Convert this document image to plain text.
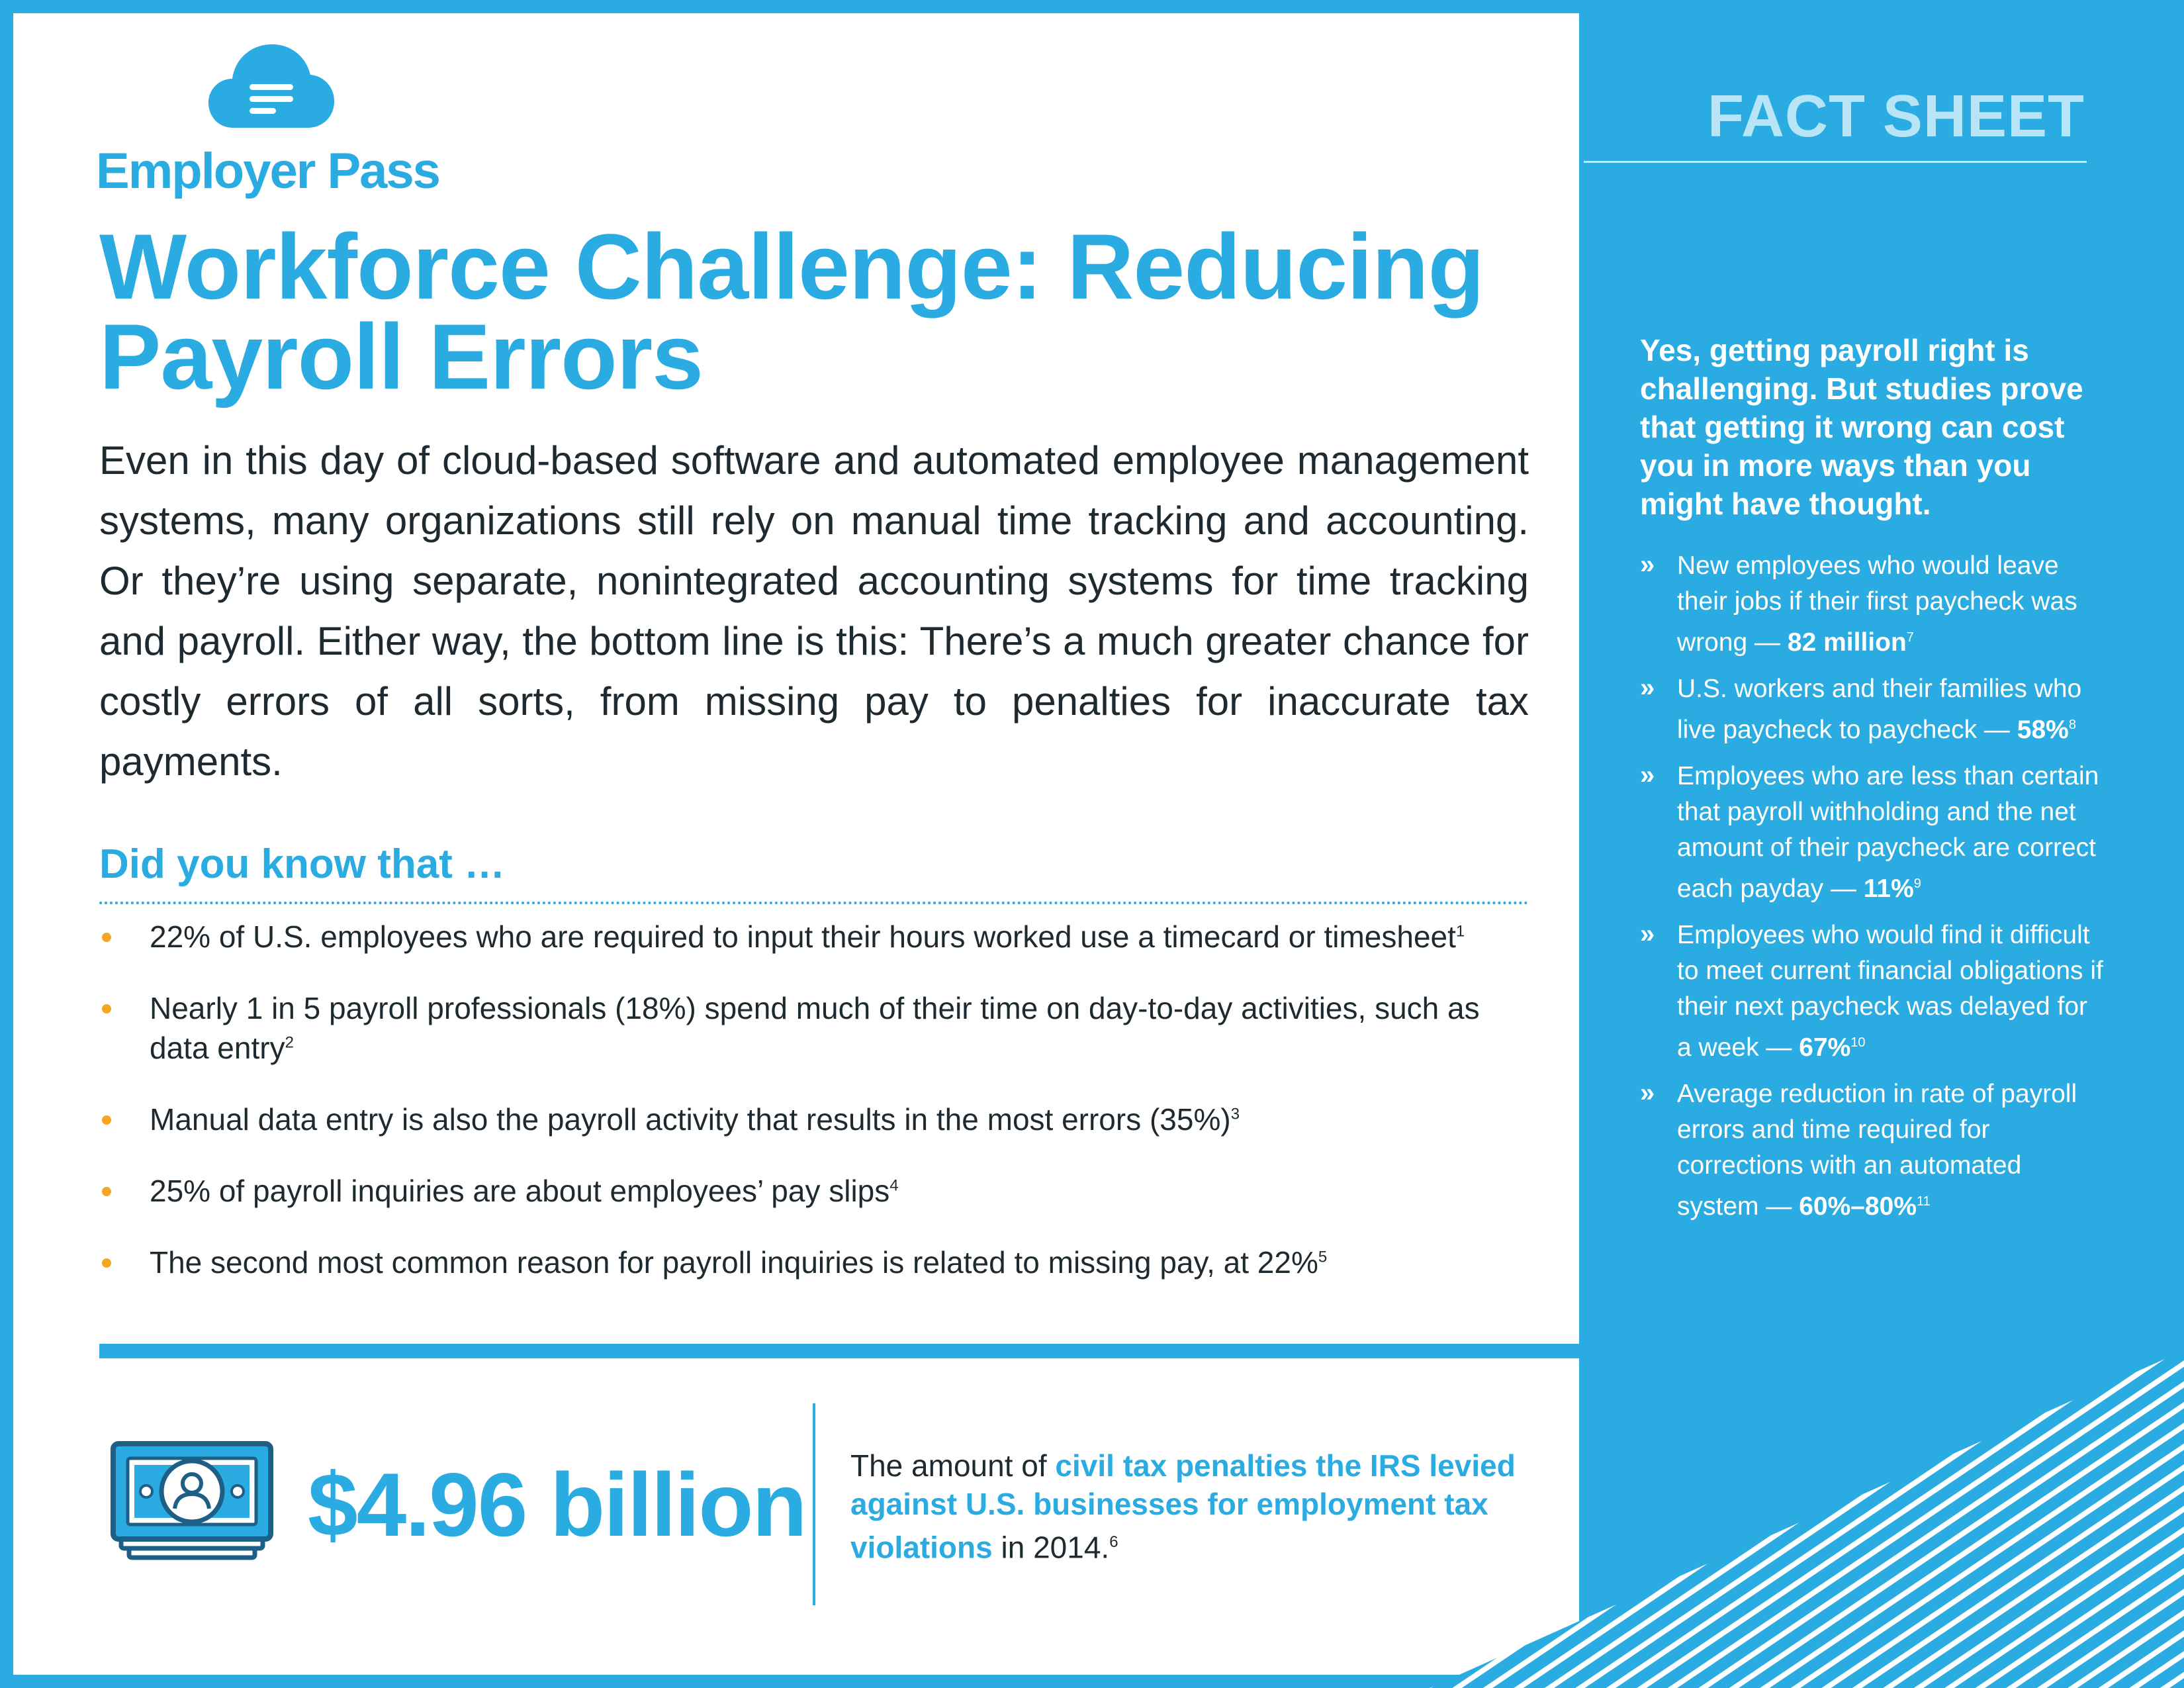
Employer Pass
Workforce Challenge: Reducing Payroll Errors

Even in this day of cloud-based software and automated employee management systems, many organizations still rely on manual time tracking and accounting. Or they’re using separate, nonintegrated accounting systems for time tracking and payroll. Either way, the bottom line is this: There’s a much greater chance for costly errors of all sorts, from missing pay to penalties for inaccurate tax payments.

Did you know that …
22% of U.S. employees who are required to input their hours worked use a timecard or timesheet$^1$
Nearly 1 in 5 payroll professionals (18%) spend much of their time on day-to-day activities, such as data entry$^2$
Manual data entry is also the payroll activity that results in the most errors $(35\%)^3$
25% of payroll inquiries are about employees’ pay slips$^4$
The second most common reason for payroll inquiries is related to missing pay, at 22%$^5$
$4.96 billion The amount of civil tax penalties the IRS levied against U.S. businesses for employment tax violations in 2014.$^6$

FACT SHEET

Yes, getting payroll right is challenging. But studies prove that getting it wrong can cost you in more ways than you might have thought.

» New employees who would leave their jobs if their first paycheck was wrong — 82 million$^7$
» U.S. workers and their families who live paycheck to paycheck — 58%$^8$
» Employees who are less than certain that payroll withholding and the net amount of their paycheck are correct each payday — 11%$^9$
» Employees who would find it difficult to meet current financial obligations if their next paycheck was delayed for a week — 67%$^{10}$
» Average reduction in rate of payroll errors and time required for corrections with an automated system — 60%–80%$^{11}$
